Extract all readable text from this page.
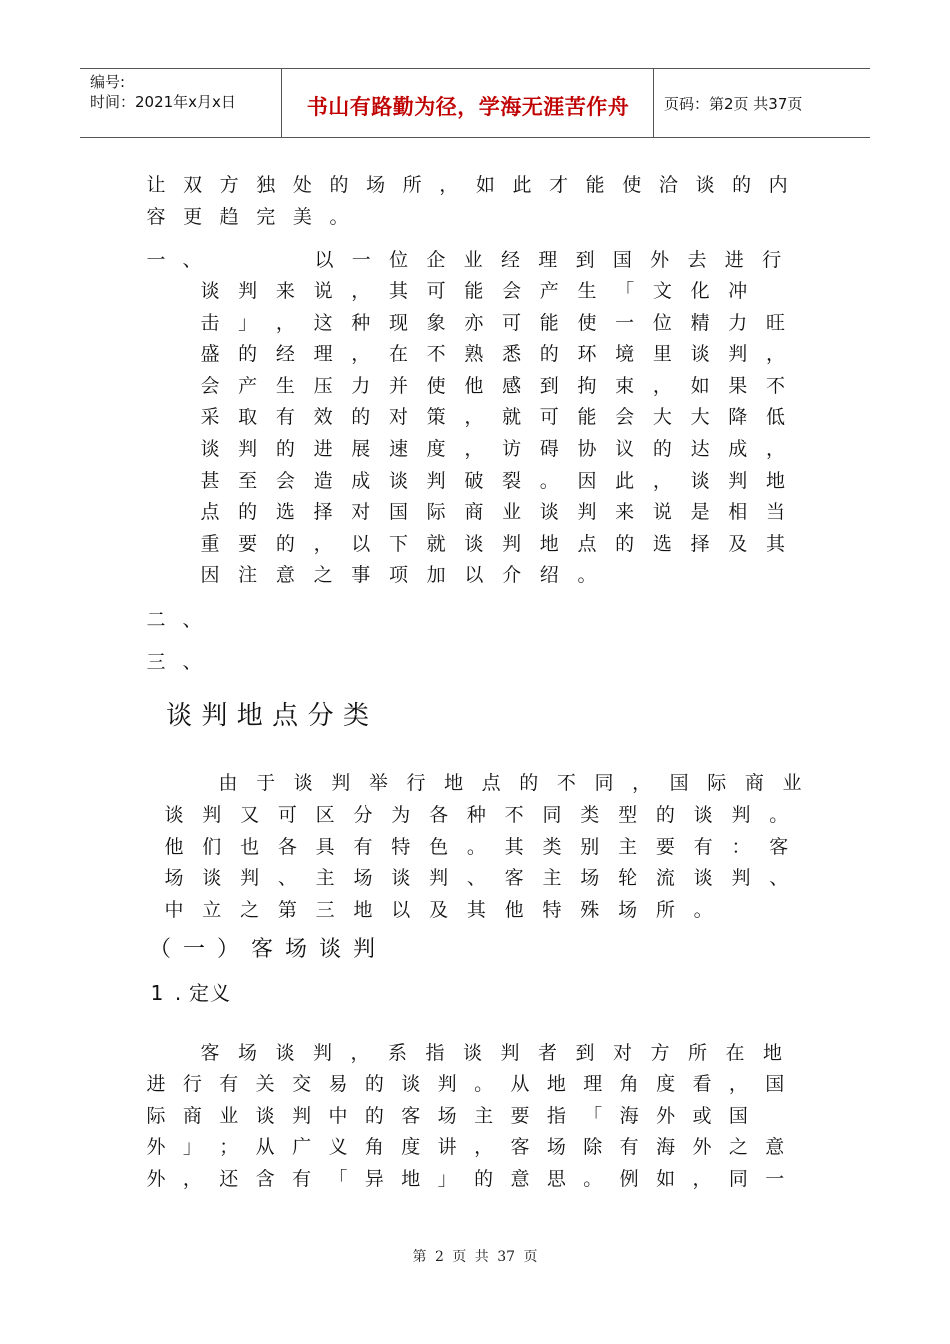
编号:
时间：2021年x月x日	书山有路勤为径，学海无涯苦作舟	页码：第2页 共37页
让 双 方 独 处 的 场 所 ， 如 此 才 能 使 洽 谈 的 内
容 更 趋 完 美 。
一 、	以 一 位 企 业 经 理 到 国 外 去 进 行
谈 判 来 说 ， 其 可 能 会 产 生 「 文 化 冲
击 」 ， 这 种 现 象 亦 可 能 使 一 位 精 力 旺
盛 的 经 理 ， 在 不 熟 悉 的 环 境 里 谈 判 ，
会 产 生 压 力 并 使 他 感 到 拘 束 ， 如 果 不
采 取 有 效 的 对 策 ， 就 可 能 会 大 大 降 低
谈 判 的 进 展 速 度 ， 访 碍 协 议 的 达 成 ，
甚 至 会 造 成 谈 判 破 裂 。 因 此 ， 谈 判 地
点 的 选 择 对 国 际 商 业 谈 判 来 说 是 相 当
重 要 的 ， 以 下 就 谈 判 地 点 的 选 择 及 其
因 注 意 之 事 项 加 以 介 绍 。
二 、
三 、
谈 判 地 点 分 类
由 于 谈 判 举 行 地 点 的 不 同 ， 国 际 商 业
谈 判 又 可 区 分 为 各 种 不 同 类 型 的 谈 判 。
他 们 也 各 具 有 特 色 。 其 类 别 主 要 有 ： 客
场 谈 判 、 主 场 谈 判 、 客 主 场 轮 流 谈 判 、
中 立 之 第 三 地 以 及 其 他 特 殊 场 所 。
（ 一 ） 客 场 谈 判
1 . 定 义
客 场 谈 判 ， 系 指 谈 判 者 到 对 方 所 在 地
进 行 有 关 交 易 的 谈 判 。 从 地 理 角 度 看 ， 国
际 商 业 谈 判 中 的 客 场 主 要 指 「 海 外 或 国
外 」 ； 从 广 义 角 度 讲 ， 客 场 除 有 海 外 之 意
外 ， 还 含 有 「 异 地 」 的 意 思 。 例 如 ， 同 一
第 2 页 共 37 页
